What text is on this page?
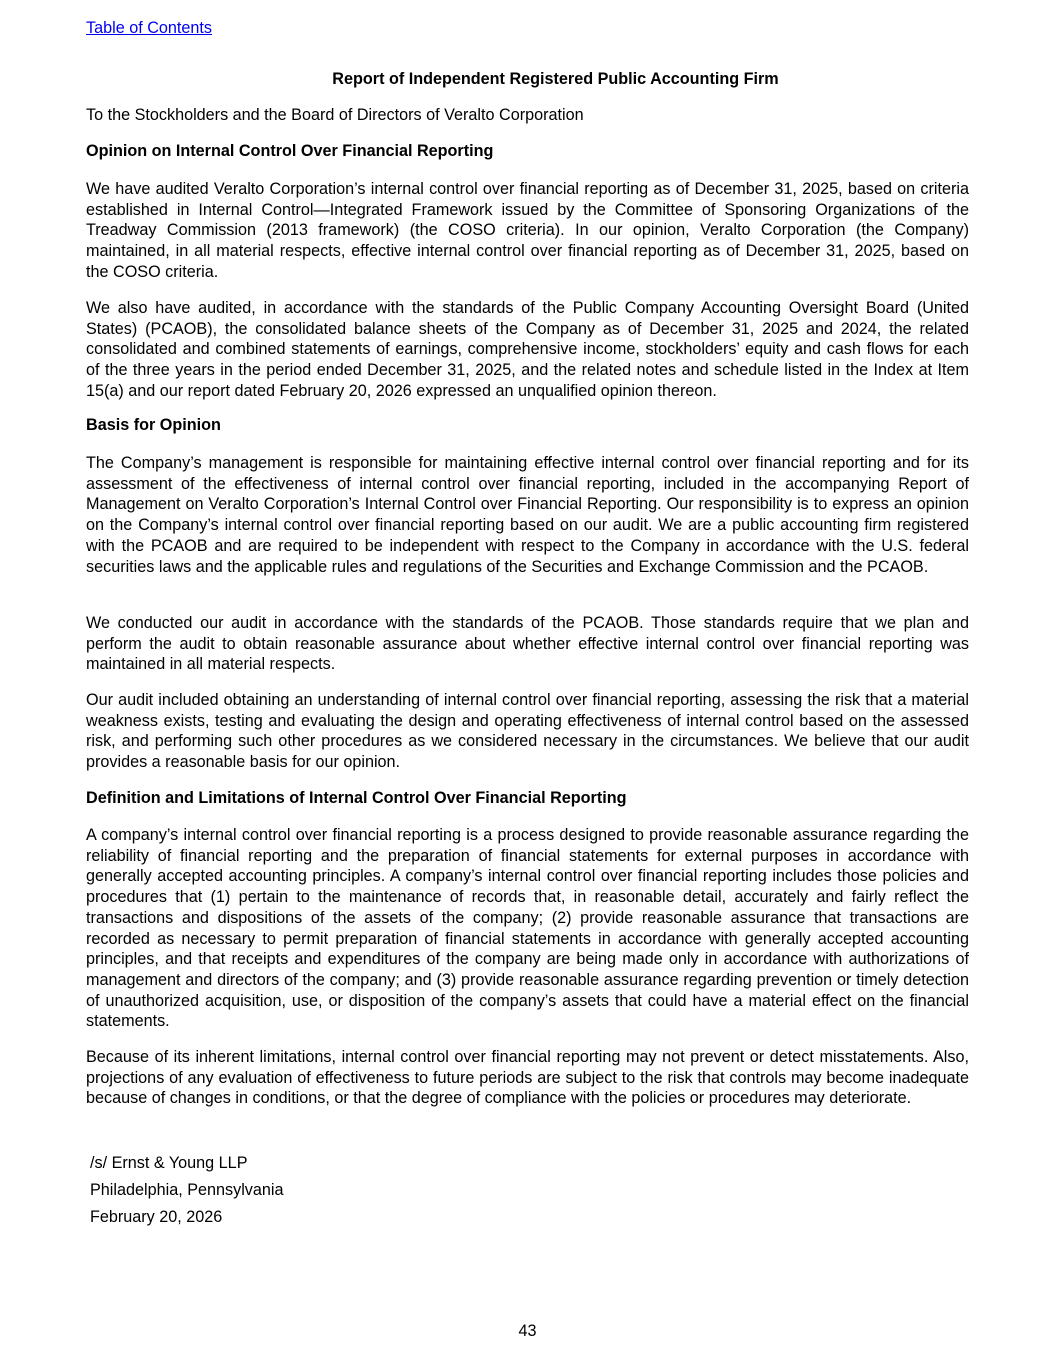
Table of Contents
Report of Independent Registered Public Accounting Firm
To the Stockholders and the Board of Directors of Veralto Corporation
Opinion on Internal Control Over Financial Reporting

We have audited Veralto Corporation’s internal control over financial reporting as of December 31, 2025, based on criteria established in Internal Control—Integrated Framework issued by the Committee of Sponsoring Organizations of the Treadway Commission (2013 framework) (the COSO criteria). In our opinion, Veralto Corporation (the Company) maintained, in all material respects, effective internal control over financial reporting as of December 31, 2025, based on the COSO criteria.

We also have audited, in accordance with the standards of the Public Company Accounting Oversight Board (United States) (PCAOB), the consolidated balance sheets of the Company as of December 31, 2025 and 2024, the related consolidated and combined statements of earnings, comprehensive income, stockholders’ equity and cash flows for each of the three years in the period ended December 31, 2025, and the related notes and schedule listed in the Index at Item 15(a) and our report dated February 20, 2026 expressed an unqualified opinion thereon.

Basis for Opinion

The Company’s management is responsible for maintaining effective internal control over financial reporting and for its assessment of the effectiveness of internal control over financial reporting, included in the accompanying Report of Management on Veralto Corporation’s Internal Control over Financial Reporting. Our responsibility is to express an opinion on the Company’s internal control over financial reporting based on our audit. We are a public accounting firm registered with the PCAOB and are required to be independent with respect to the Company in accordance with the U.S. federal securities laws and the applicable rules and regulations of the Securities and Exchange Commission and the PCAOB.

We conducted our audit in accordance with the standards of the PCAOB. Those standards require that we plan and perform the audit to obtain reasonable assurance about whether effective internal control over financial reporting was maintained in all material respects.

Our audit included obtaining an understanding of internal control over financial reporting, assessing the risk that a material weakness exists, testing and evaluating the design and operating effectiveness of internal control based on the assessed risk, and performing such other procedures as we considered necessary in the circumstances. We believe that our audit provides a reasonable basis for our opinion.

Definition and Limitations of Internal Control Over Financial Reporting

A company’s internal control over financial reporting is a process designed to provide reasonable assurance regarding the reliability of financial reporting and the preparation of financial statements for external purposes in accordance with generally accepted accounting principles. A company’s internal control over financial reporting includes those policies and procedures that (1) pertain to the maintenance of records that, in reasonable detail, accurately and fairly reflect the transactions and dispositions of the assets of the company; (2) provide reasonable assurance that transactions are recorded as necessary to permit preparation of financial statements in accordance with generally accepted accounting principles, and that receipts and expenditures of the company are being made only in accordance with authorizations of management and directors of the company; and (3) provide reasonable assurance regarding prevention or timely detection of unauthorized acquisition, use, or disposition of the company’s assets that could have a material effect on the financial statements.

Because of its inherent limitations, internal control over financial reporting may not prevent or detect misstatements. Also, projections of any evaluation of effectiveness to future periods are subject to the risk that controls may become inadequate because of changes in conditions, or that the degree of compliance with the policies or procedures may deteriorate.

/s/ Ernst & Young LLP
Philadelphia, Pennsylvania
February 20, 2026
43
